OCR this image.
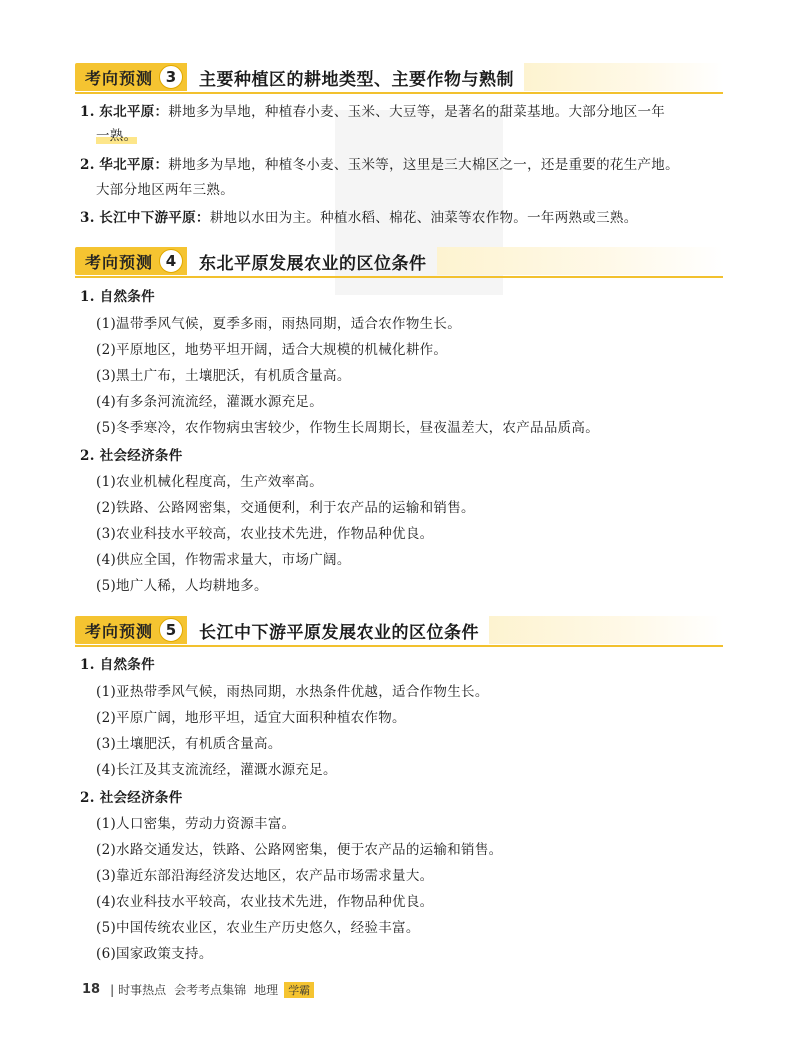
考向预测 3	主要种植区的耕地类型、主要作物与熟制
1. 东北平原：耕地多为旱地，种植春小麦、玉米、大豆等，是著名的甜菜基地。大部分地区一年
一熟。
2. 华北平原：耕地多为旱地，种植冬小麦、玉米等，这里是三大棉区之一，还是重要的花生产地。
大部分地区两年三熟。
3. 长江中下游平原：耕地以水田为主。种植水稻、棉花、油菜等农作物。一年两熟或三熟。
考向预测 4	东北平原发展农业的区位条件
1. 自然条件
(1)温带季风气候，夏季多雨，雨热同期，适合农作物生长。
(2)平原地区，地势平坦开阔，适合大规模的机械化耕作。
(3)黑土广布，土壤肥沃，有机质含量高。
(4)有多条河流流经，灌溉水源充足。
(5)冬季寒冷，农作物病虫害较少，作物生长周期长，昼夜温差大，农产品品质高。
2. 社会经济条件
(1)农业机械化程度高，生产效率高。
(2)铁路、公路网密集，交通便利，利于农产品的运输和销售。
(3)农业科技水平较高，农业技术先进，作物品种优良。
(4)供应全国，作物需求量大，市场广阔。
(5)地广人稀，人均耕地多。
考向预测 5	长江中下游平原发展农业的区位条件
1. 自然条件
(1)亚热带季风气候，雨热同期，水热条件优越，适合作物生长。
(2)平原广阔，地形平坦，适宜大面积种植农作物。
(3)土壤肥沃，有机质含量高。
(4)长江及其支流流经，灌溉水源充足。
2. 社会经济条件
(1)人口密集，劳动力资源丰富。
(2)水路交通发达，铁路、公路网密集，便于农产品的运输和销售。
(3)靠近东部沿海经济发达地区，农产品市场需求量大。
(4)农业科技水平较高，农业技术先进，作物品种优良。
(5)中国传统农业区，农业生产历史悠久，经验丰富。
(6)国家政策支持。
18 | 时事热点 会考考点集锦 地理 学霸
